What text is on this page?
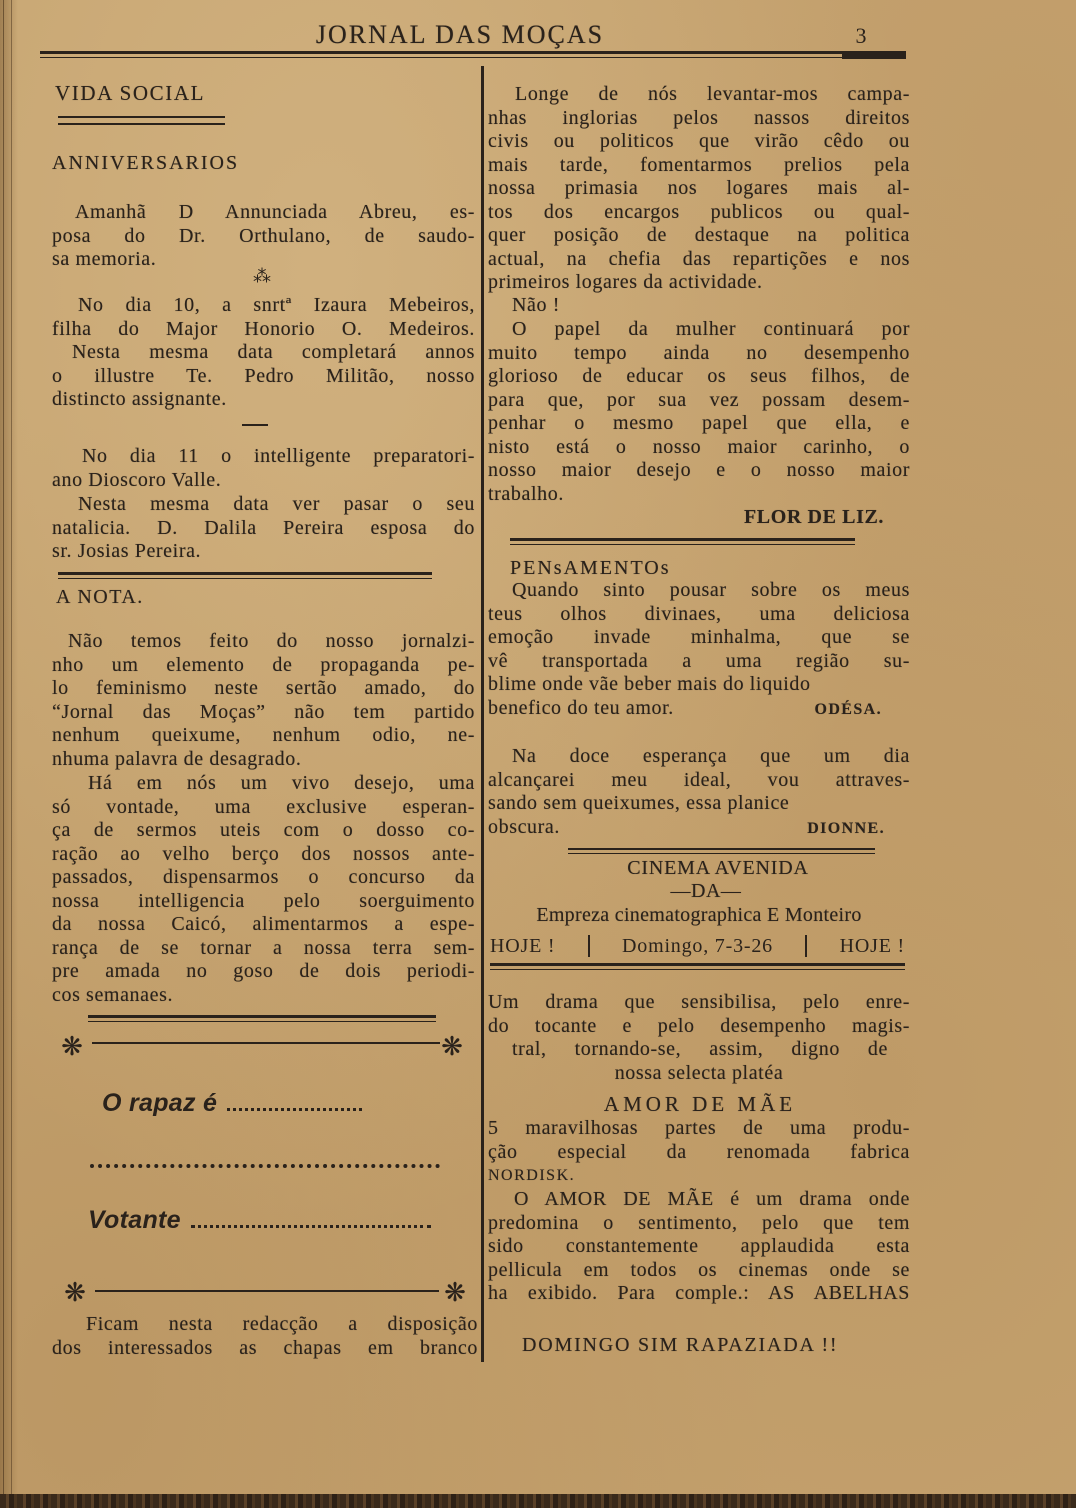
JORNAL DAS MOÇAS	3
VIDA SOCIAL
ANNIVERSARIOS
Amanhã D Annunciada Abreu, es-
posa do Dr. Orthulano, de saudo-
sa memoria.
⁂
No dia 10, a snrtª Izaura Mebeiros,
filha do Major Honorio O. Medeiros.
Nesta mesma data completará annos
o illustre Te. Pedro Militão, nosso
distincto assignante.
No dia 11 o intelligente preparatori-
ano Dioscoro Valle.
Nesta mesma data ver pasar o seu
natalicia. D. Dalila Pereira esposa do
sr. Josias Pereira.
A NOTA.
Não temos feito do nosso jornalzi-
nho um elemento de propaganda pe-
lo feminismo neste sertão amado, do
“Jornal das Moças” não tem partido
nenhum queixume, nenhum odio, ne-
nhuma palavra de desagrado.
Há em nós um vivo desejo, uma
só vontade, uma exclusive esperan-
ça de sermos uteis com o dosso co-
ração ao velho berço dos nossos ante-
passados, dispensarmos o concurso da
nossa intelligencia pelo soerguimento
da nossa Caicó, alimentarmos a espe-
rança de se tornar a nossa terra sem-
pre amada no goso de dois periodi-
cos semanaes.
❋
❋
O rapaz é
Votante
❋
❋
Ficam nesta redacção a disposição
dos interessados as chapas em branco
Longe de nós levantar-mos campa-
nhas inglorias pelos nassos direitos
civis ou politicos que virão cêdo ou
mais tarde, fomentarmos prelios pela
nossa primasia nos logares mais al-
tos dos encargos publicos ou qual-
quer posição de destaque na politica
actual, na chefia das repartições e nos
primeiros logares da actividade.
Não !
O papel da mulher continuará por
muito tempo ainda no desempenho
glorioso de educar os seus filhos, de
para que, por sua vez possam desem-
penhar o mesmo papel que ella, e
nisto está o nosso maior carinho, o
nosso maior desejo e o nosso maior
trabalho.
FLOR DE LIZ.
PENsAMENTOs
Quando sinto pousar sobre os meus
teus olhos divinaes, uma deliciosa
emoção invade minhalma, que se
vê transportada a uma região su-
blime onde vãe beber mais do liquido
benefico do teu amor.	ODÉSA.
Na doce esperança que um dia
alcançarei meu ideal, vou attraves-
sando sem queixumes, essa planice
obscura.	DIONNE.
CINEMA AVENIDA
—DA—
Empreza cinematographica E Monteiro
HOJE !	Domingo, 7-3-26	HOJE !
Um drama que sensibilisa, pelo enre-
do tocante e pelo desempenho magis-
tral, tornando-se, assim, digno de
nossa selecta platéa
AMOR DE MÃE
5 maravilhosas partes de uma produ-
ção especial da renomada fabrica
NORDISK.
O AMOR DE MÃE é um drama onde
predomina o sentimento, pelo que tem
sido constantemente applaudida esta
pellicula em todos os cinemas onde se
ha exibido. Para comple.: AS ABELHAS
DOMINGO SIM RAPAZIADA !!
